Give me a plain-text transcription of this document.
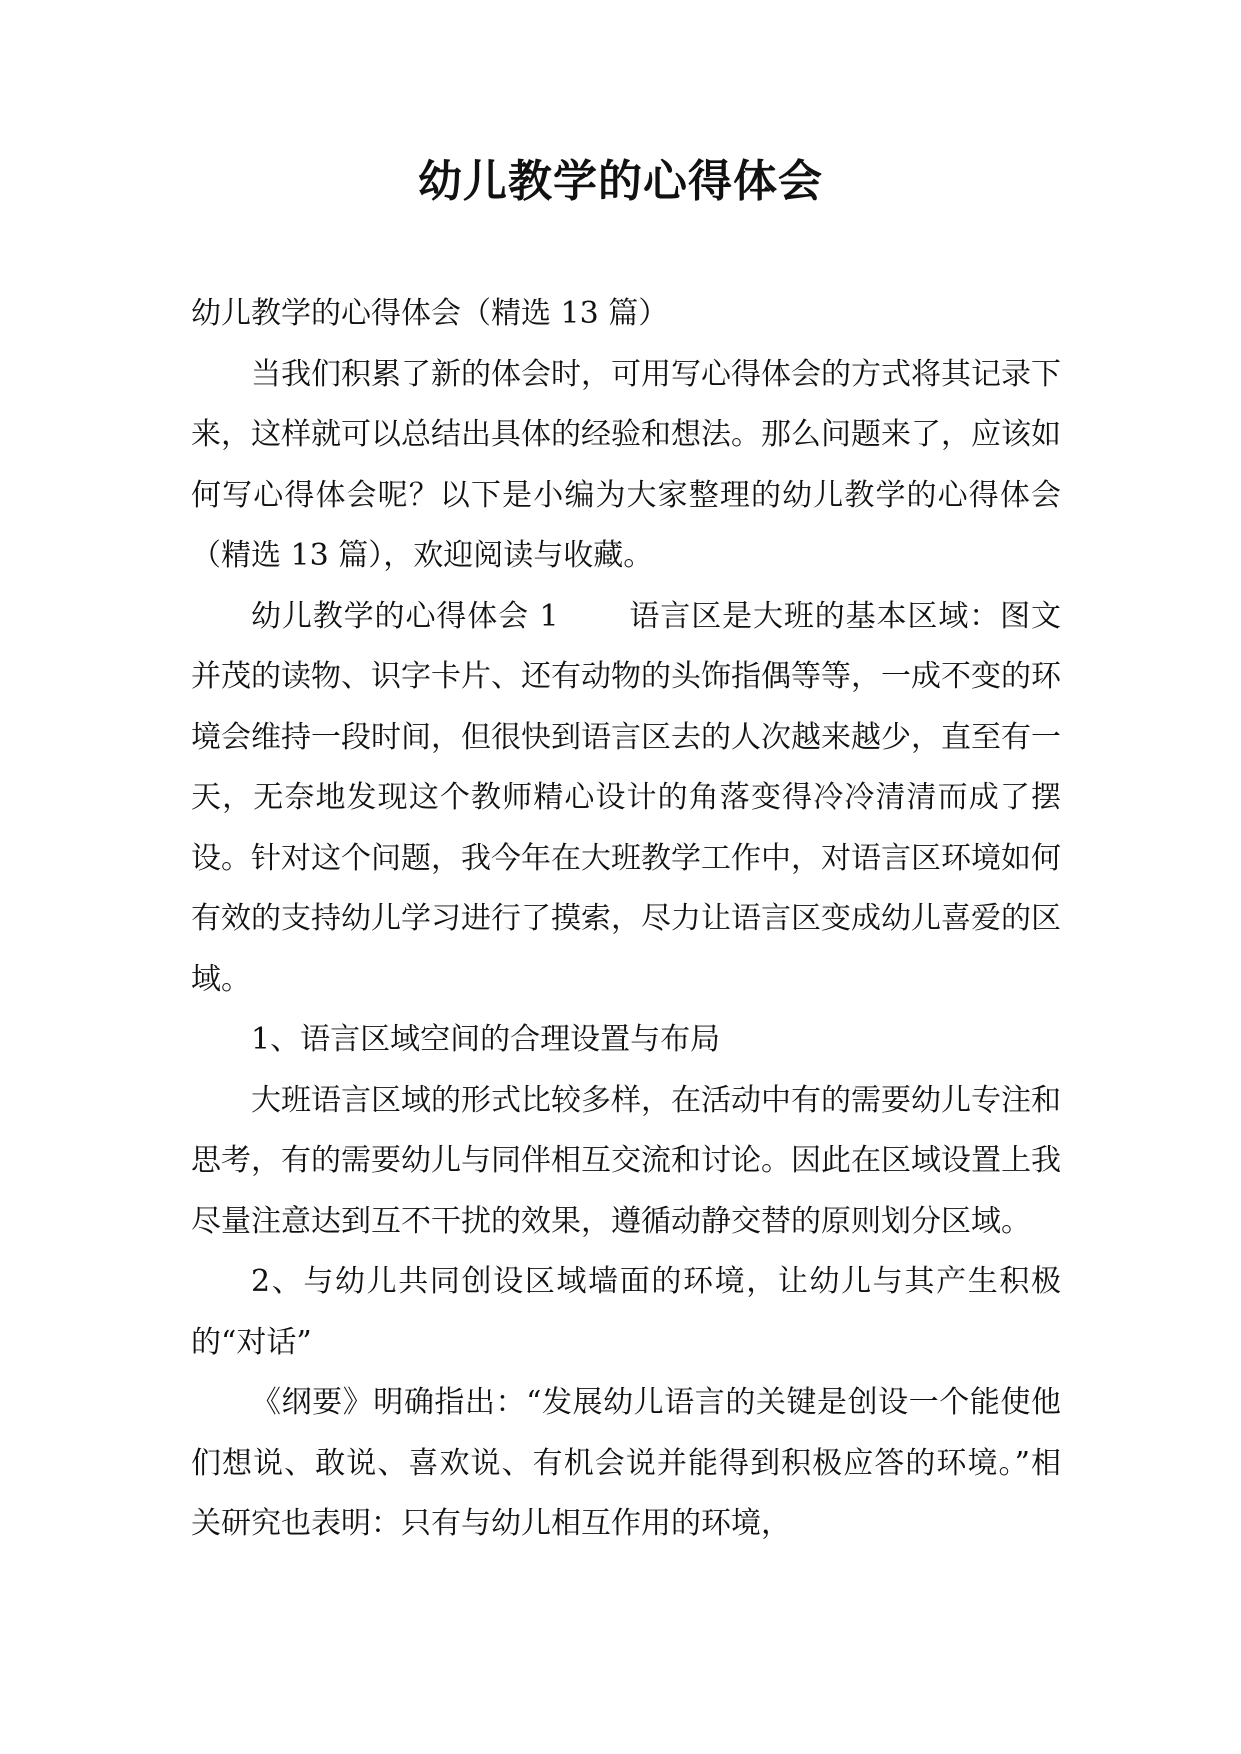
幼儿教学的心得体会

幼儿教学的心得体会（精选 13 篇）

当我们积累了新的体会时，可用写心得体会的方式将其记录下来，这样就可以总结出具体的经验和想法。那么问题来了，应该如何写心得体会呢？以下是小编为大家整理的幼儿教学的心得体会（精选 13 篇），欢迎阅读与收藏。

幼儿教学的心得体会 1 语言区是大班的基本区域：图文并茂的读物、识字卡片、还有动物的头饰指偶等等，一成不变的环境会维持一段时间，但很快到语言区去的人次越来越少，直至有一天，无奈地发现这个教师精心设计的角落变得冷冷清清而成了摆设。针对这个问题，我今年在大班教学工作中，对语言区环境如何有效的支持幼儿学习进行了摸索，尽力让语言区变成幼儿喜爱的区域。

1、语言区域空间的合理设置与布局

大班语言区域的形式比较多样，在活动中有的需要幼儿专注和思考，有的需要幼儿与同伴相互交流和讨论。因此在区域设置上我尽量注意达到互不干扰的效果，遵循动静交替的原则划分区域。

2、与幼儿共同创设区域墙面的环境，让幼儿与其产生积极的“对话”

《纲要》明确指出：“发展幼儿语言的关键是创设一个能使他们想说、敢说、喜欢说、有机会说并能得到积极应答的环境。”相关研究也表明：只有与幼儿相互作用的环境，
